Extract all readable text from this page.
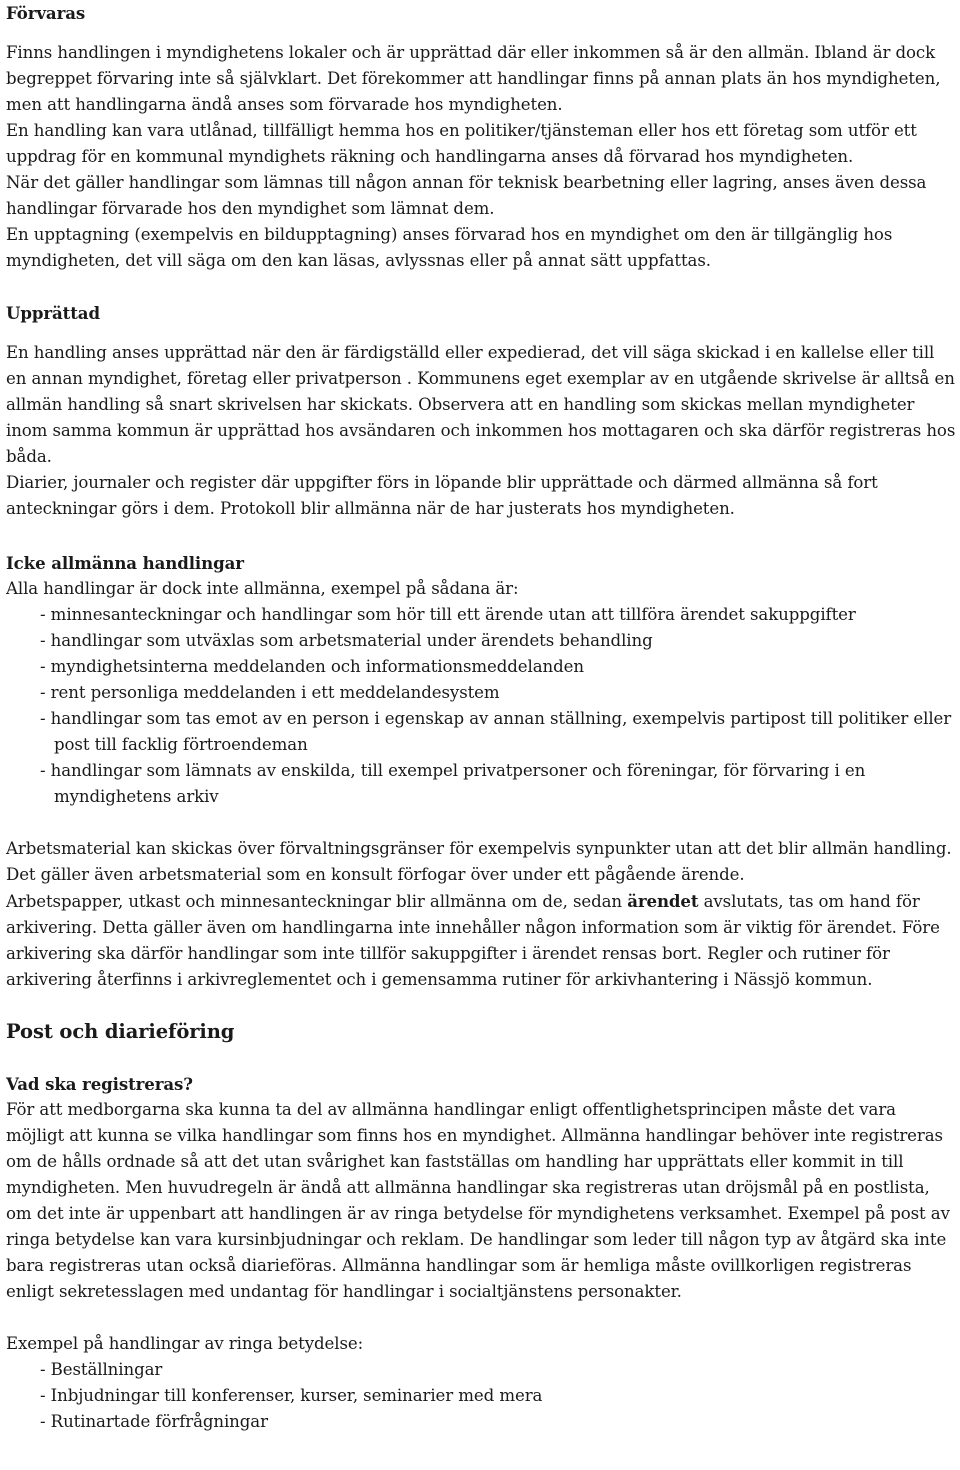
Förvaras

Finns handlingen i myndighetens lokaler och är upprättad där eller inkommen så är den allmän. Ibland är dock begreppet förvaring inte så självklart. Det förekommer att handlingar finns på annan plats än hos myndigheten, men att handlingarna ändå anses som förvarade hos myndigheten.

En handling kan vara utlånad, tillfälligt hemma hos en politiker/tjänsteman eller hos ett företag som utför ett uppdrag för en kommunal myndighets räkning och handlingarna anses då förvarad hos myndigheten.

När det gäller handlingar som lämnas till någon annan för teknisk bearbetning eller lagring, anses även dessa handlingar förvarade hos den myndighet som lämnat dem.

En upptagning (exempelvis en bildupptagning) anses förvarad hos en myndighet om den är tillgänglig hos myndigheten, det vill säga om den kan läsas, avlyssnas eller på annat sätt uppfattas.

Upprättad

En handling anses upprättad när den är färdigställd eller expedierad, det vill säga skickad i en kallelse eller till en annan myndighet, företag eller privatperson . Kommunens eget exemplar av en utgående skrivelse är alltså en allmän handling så snart skrivelsen har skickats. Observera att en handling som skickas mellan myndigheter inom samma kommun är upprättad hos avsändaren och inkommen hos mottagaren och ska därför registreras hos båda.

Diarier, journaler och register där uppgifter förs in löpande blir upprättade och därmed allmänna så fort anteckningar görs i dem. Protokoll blir allmänna när de har justerats hos myndigheten.

Icke allmänna handlingar

Alla handlingar är dock inte allmänna, exempel på sådana är:

- minnesanteckningar och handlingar som hör till ett ärende utan att tillföra ärendet sakuppgifter
- handlingar som utväxlas som arbetsmaterial under ärendets behandling
- myndighetsinterna meddelanden och informationsmeddelanden
- rent personliga meddelanden i ett meddelandesystem
- handlingar som tas emot av en person i egenskap av annan ställning, exempelvis partipost till politiker eller post till facklig förtroendeman
- handlingar som lämnats av enskilda, till exempel privatpersoner och föreningar, för förvaring i en myndighetens arkiv

Arbetsmaterial kan skickas över förvaltningsgränser för exempelvis synpunkter utan att det blir allmän handling. Det gäller även arbetsmaterial som en konsult förfogar över under ett pågående ärende.

Arbetspapper, utkast och minnesanteckningar blir allmänna om de, sedan ärendet avslutats, tas om hand för arkivering. Detta gäller även om handlingarna inte innehåller någon information som är viktig för ärendet. Före arkivering ska därför handlingar som inte tillför sakuppgifter i ärendet rensas bort. Regler och rutiner för arkivering återfinns i arkivreglementet och i gemensamma rutiner för arkivhantering i Nässjö kommun.

Post och diarieföring

Vad ska registreras?

För att medborgarna ska kunna ta del av allmänna handlingar enligt offentlighetsprincipen måste det vara möjligt att kunna se vilka handlingar som finns hos en myndighet. Allmänna handlingar behöver inte registreras om de hålls ordnade så att det utan svårighet kan fastställas om handling har upprättats eller kommit in till myndigheten. Men huvudregeln är ändå att allmänna handlingar ska registreras utan dröjsmål på en postlista, om det inte är uppenbart att handlingen är av ringa betydelse för myndighetens verksamhet. Exempel på post av ringa betydelse kan vara kursinbjudningar och reklam. De handlingar som leder till någon typ av åtgärd ska inte bara registreras utan också diarieföras. Allmänna handlingar som är hemliga måste ovillkorligen registreras enligt sekretesslagen med undantag för handlingar i socialtjänstens personakter.

Exempel på handlingar av ringa betydelse:

- Beställningar
- Inbjudningar till konferenser, kurser, seminarier med mera
- Rutinartade förfrågningar
